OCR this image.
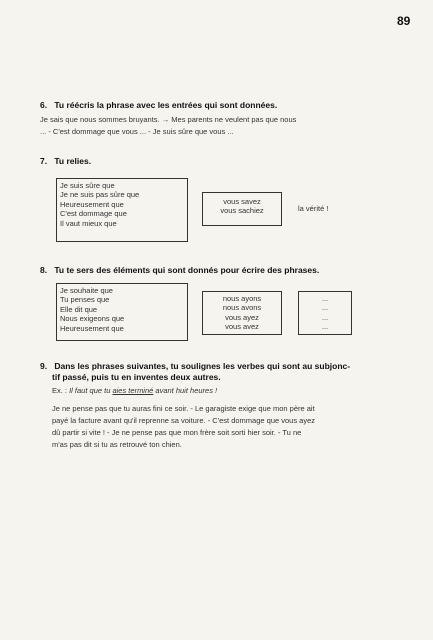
89
6. Tu réécris la phrase avec les entrées qui sont données.
Je sais que nous sommes bruyants. → Mes parents ne veulent pas que nous
... - C'est dommage que vous ... - Je suis sûre que vous ...
7. Tu relies.
Je suis sûre que
Je ne suis pas sûre que
Heureusement que
C'est dommage que
Il vaut mieux que
vous savez
vous sachiez	la vérité !
8. Tu te sers des éléments qui sont donnés pour écrire des phrases.
Je souhaite que
Tu penses que
Elle dit que
Nous exigeons que
Heureusement que
nous ayons
nous avons
vous ayez
vous avez
...
...
...
...
9. Dans les phrases suivantes, tu soulignes les verbes qui sont au subjonc-
tif passé, puis tu en inventes deux autres.
Ex. : Il faut que tu aies terminé avant huit heures !
Je ne pense pas que tu auras fini ce soir. - Le garagiste exige que mon père ait
payé la facture avant qu'il reprenne sa voiture. - C'est dommage que vous ayez
dû partir si vite ! - Je ne pense pas que mon frère soit sorti hier soir. - Tu ne
m'as pas dit si tu as retrouvé ton chien.
